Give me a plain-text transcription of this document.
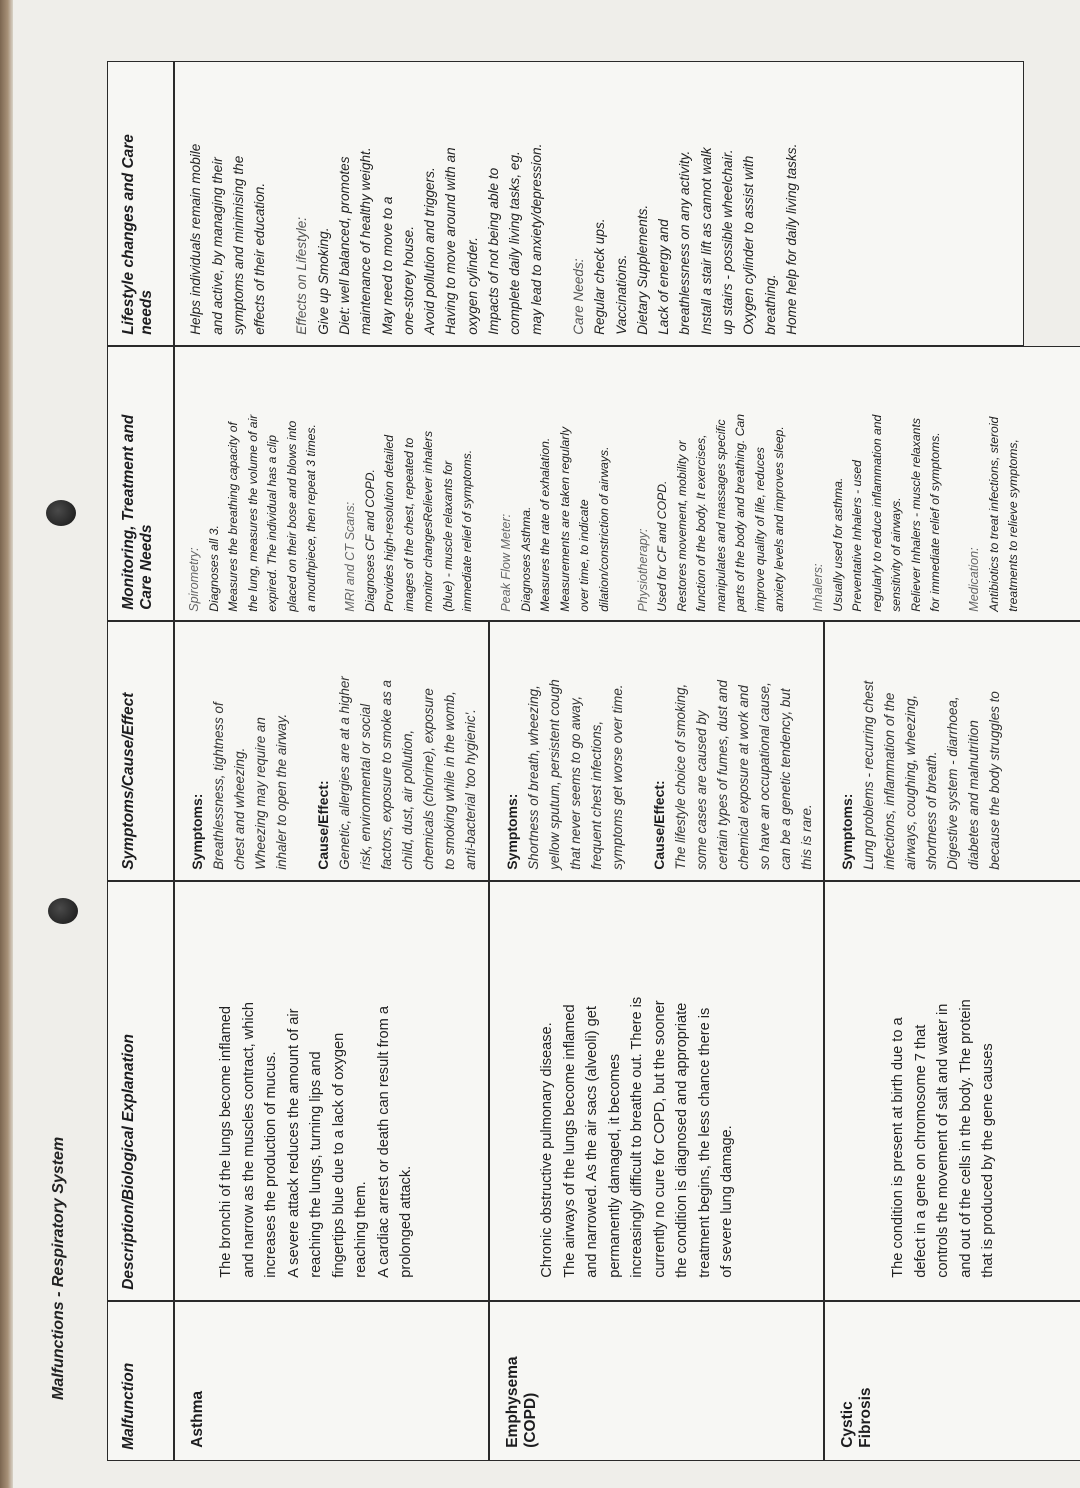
Malfunctions - Respiratory System
Malfunction
Description/Biological Explanation
Symptoms/Cause/Effect
Monitoring, Treatment and Care Needs
Lifestyle changes and Care needs
Asthma
The bronchi of the lungs become inflamed and narrow as the muscles contract, which increases the production of mucus. A severe attack reduces the amount of air reaching the lungs, turning lips and fingertips blue due to a lack of oxygen reaching them. A cardiac arrest or death can result from a prolonged attack.
Symptoms: Breathlessness, tightness of chest and wheezing. Wheezing may require an inhaler to open the airway. Cause/Effect: Genetic, allergies are at a higher risk, environmental or social factors, exposure to smoke as a child, dust, air pollution, chemicals (chlorine), exposure to smoking while in the womb, anti-bacterial 'too hygienic'.
Emphysema (COPD)
Chronic obstructive pulmonary disease. The airways of the lungs become inflamed and narrowed. As the air sacs (alveoli) get permanently damaged, it becomes increasingly difficult to breathe out. There is currently no cure for COPD, but the sooner the condition is diagnosed and appropriate treatment begins, the less chance there is of severe lung damage.
Symptoms: Shortness of breath, wheezing, yellow sputum, persistent cough that never seems to go away, frequent chest infections, symptoms get worse over time. Cause/Effect: The lifestyle choice of smoking, some cases are caused by certain types of fumes, dust and chemical exposure at work and so have an occupational cause, can be a genetic tendency, but this is rare.
Cystic Fibrosis
The condition is present at birth due to a defect in a gene on chromosome 7 that controls the movement of salt and water in and out of the cells in the body. The protein that is produced by the gene causes
Symptoms: Lung problems - recurring chest infections, inflammation of the airways, coughing, wheezing, shortness of breath. Digestive system - diarrhoea, diabetes and malnutrition because the body struggles to
Spirometry: Diagnoses all 3. Measures the breathing capacity of the lung, measures the volume of air expired. The individual has a clip placed on their bose and blows into a mouthpiece, then repeat 3 times. MRI and CT Scans: Diagnoses CF and COPD. Provides high-resolution detailed images of the chest, repeated to monitor changesReliever inhalers (blue) - muscle relaxants for immediate relief of symptoms. Peak Flow Meter: Diagnoses Asthma. Measures the rate of exhalation. Measurements are taken regularly over time, to indicate dilation/constriction of airways. Physiotherapy: Used for CF and COPD. Restores movement, mobility or function of the body. It exercises, manipulates and massages specific parts of the body and breathing. Can improve quality of life, reduces anxiety levels and improves sleep. Inhalers: Usually used for asthma. Preventative Inhalers - used regularly to reduce inflammation and sensitivity of airways. Reliever Inhalers - muscle relaxants for immediate relief of symptoms. Medication: Antibiotics to treat infections, steroid treatments to relieve symptoms,
Helps individuals remain mobile and active, by managing their symptoms and minimising the effects of their education. Effects on Lifestyle: Give up Smoking. Diet: well balanced, promotes maintenance of healthy weight. May need to move to a one-storey house. Avoid pollution and triggers. Having to move around with an oxygen cylinder. Impacts of not being able to complete daily living tasks, eg. may lead to anxiety/depression. Care Needs: Regular check ups. Vaccinations. Dietary Supplements. Lack of energy and breathlessness on any activity. Install a stair lift as cannot walk up stairs - possible wheelchair. Oxygen cylinder to assist with breathing. Home help for daily living tasks.
